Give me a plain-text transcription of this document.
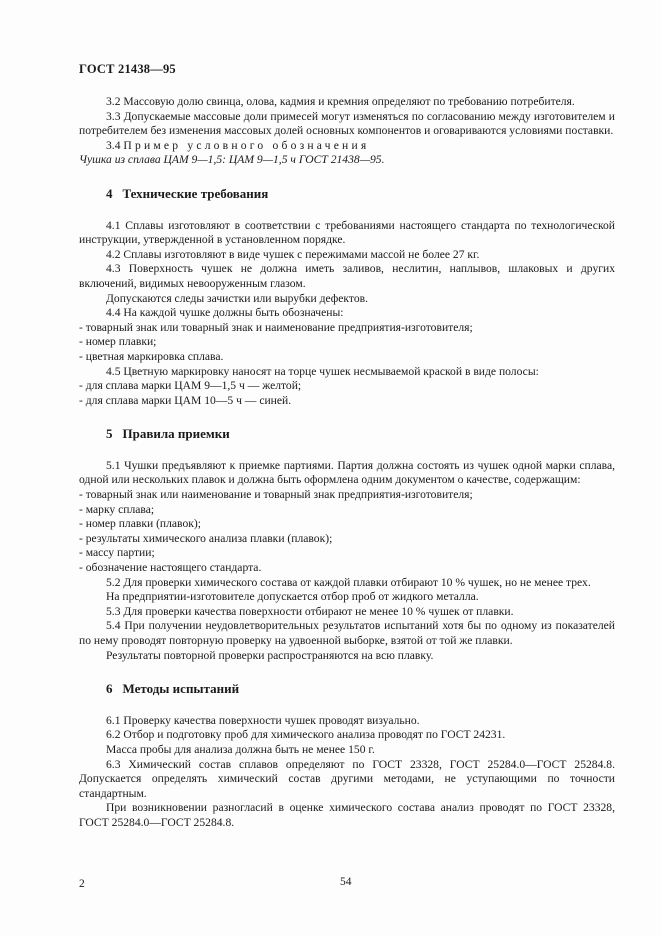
ГОСТ 21438—95

3.2 Массовую долю свинца, олова, кадмия и кремния определяют по требованию потребителя.

3.3 Допускаемые массовые доли примесей могут изменяться по согласованию между изготовителем и потребителем без изменения массовых долей основных компонентов и оговариваются условиями поставки.

3.4 Пример условного обозначения

Чушка из сплава ЦАМ 9—1,5: ЦАМ 9—1,5 ч ГОСТ 21438—95.

4 Технические требования

4.1 Сплавы изготовляют в соответствии с требованиями настоящего стандарта по технологической инструкции, утвержденной в установленном порядке.

4.2 Сплавы изготовляют в виде чушек с пережимами массой не более 27 кг.

4.3 Поверхность чушек не должна иметь заливов, неслитин, наплывов, шлаковых и других включений, видимых невооруженным глазом.

Допускаются следы зачистки или вырубки дефектов.

4.4 На каждой чушке должны быть обозначены:

- товарный знак или товарный знак и наименование предприятия-изготовителя;

- номер плавки;

- цветная маркировка сплава.

4.5 Цветную маркировку наносят на торце чушек несмываемой краской в виде полосы:

- для сплава марки ЦАМ 9—1,5 ч — желтой;

- для сплава марки ЦАМ 10—5 ч — синей.

5 Правила приемки

5.1 Чушки предъявляют к приемке партиями. Партия должна состоять из чушек одной марки сплава, одной или нескольких плавок и должна быть оформлена одним документом о качестве, содержащим:

- товарный знак или наименование и товарный знак предприятия-изготовителя;

- марку сплава;

- номер плавки (плавок);

- результаты химического анализа плавки (плавок);

- массу партии;

- обозначение настоящего стандарта.

5.2 Для проверки химического состава от каждой плавки отбирают 10 % чушек, но не менее трех.

На предприятии-изготовителе допускается отбор проб от жидкого металла.

5.3 Для проверки качества поверхности отбирают не менее 10 % чушек от плавки.

5.4 При получении неудовлетворительных результатов испытаний хотя бы по одному из показателей по нему проводят повторную проверку на удвоенной выборке, взятой от той же плавки.

Результаты повторной проверки распространяются на всю плавку.

6 Методы испытаний

6.1 Проверку качества поверхности чушек проводят визуально.

6.2 Отбор и подготовку проб для химического анализа проводят по ГОСТ 24231.

Масса пробы для анализа должна быть не менее 150 г.

6.3 Химический состав сплавов определяют по ГОСТ 23328, ГОСТ 25284.0—ГОСТ 25284.8. Допускается определять химический состав другими методами, не уступающими по точности стандартным.

При возникновении разногласий в оценке химического состава анализ проводят по ГОСТ 23328, ГОСТ 25284.0—ГОСТ 25284.8.

2	54
